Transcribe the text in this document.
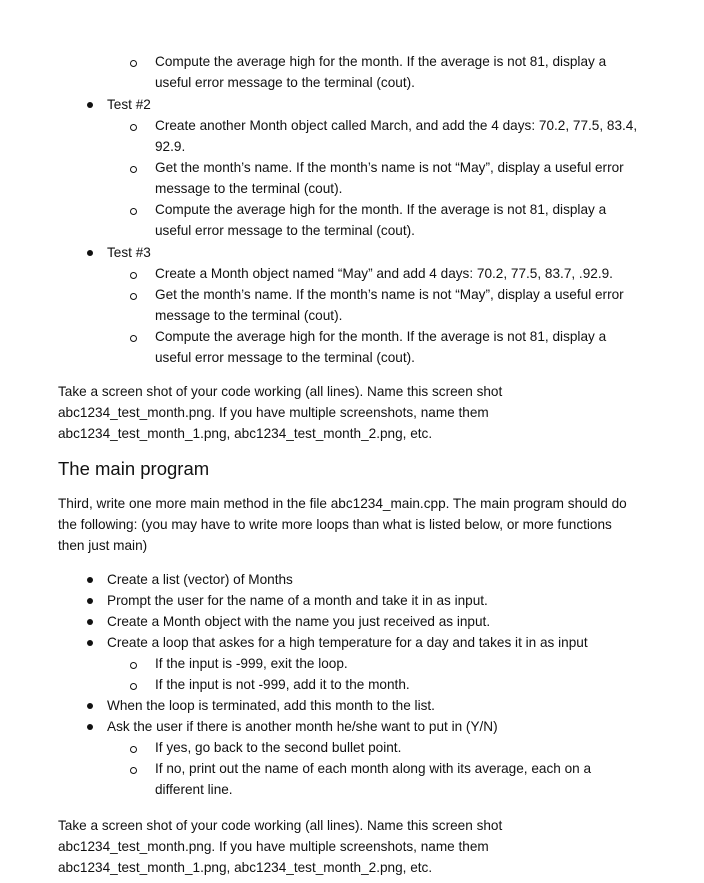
Compute the average high for the month. If the average is not 81, display a
useful error message to the terminal (cout).
Test #2
Create another Month object called March, and add the 4 days: 70.2, 77.5, 83.4,
92.9.
Get the month’s name. If the month’s name is not “May”, display a useful error
message to the terminal (cout).
Compute the average high for the month. If the average is not 81, display a
useful error message to the terminal (cout).
Test #3
Create a Month object named “May” and add 4 days: 70.2, 77.5, 83.7, .92.9.
Get the month’s name. If the month’s name is not “May”, display a useful error
message to the terminal (cout).
Compute the average high for the month. If the average is not 81, display a
useful error message to the terminal (cout).
Take a screen shot of your code working (all lines). Name this screen shot
abc1234_test_month.png. If you have multiple screenshots, name them
abc1234_test_month_1.png, abc1234_test_month_2.png, etc.
The main program
Third, write one more main method in the file abc1234_main.cpp. The main program should do
the following: (you may have to write more loops than what is listed below, or more functions
then just main)
Create a list (vector) of Months
Prompt the user for the name of a month and take it in as input.
Create a Month object with the name you just received as input.
Create a loop that askes for a high temperature for a day and takes it in as input
If the input is -999, exit the loop.
If the input is not -999, add it to the month.
When the loop is terminated, add this month to the list.
Ask the user if there is another month he/she want to put in (Y/N)
If yes, go back to the second bullet point.
If no, print out the name of each month along with its average, each on a
different line.
Take a screen shot of your code working (all lines). Name this screen shot
abc1234_test_month.png. If you have multiple screenshots, name them
abc1234_test_month_1.png, abc1234_test_month_2.png, etc.
